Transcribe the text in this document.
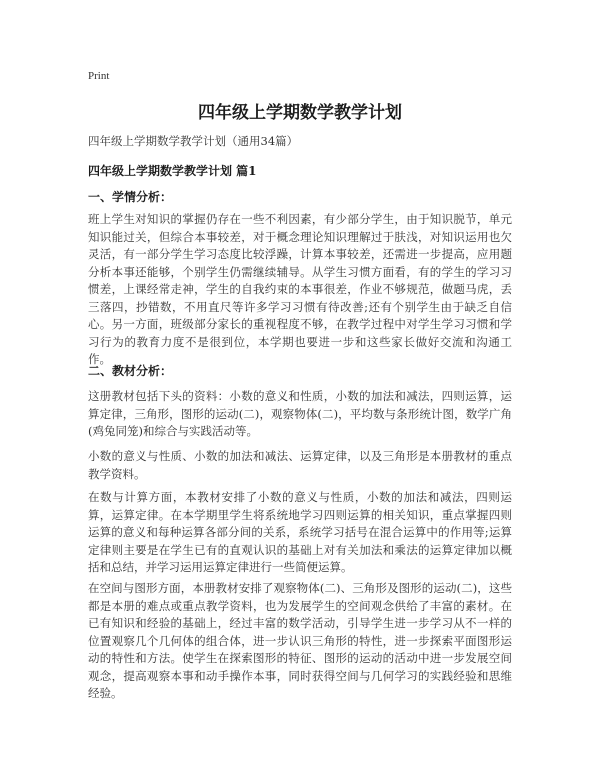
Print
四年级上学期数学教学计划
四年级上学期数学教学计划（通用34篇）
四年级上学期数学教学计划 篇1
一、学情分析：

班上学生对知识的掌握仍存在一些不利因素，有少部分学生，由于知识脱节，单元知识能过关，但综合本事较差，对于概念理论知识理解过于肤浅，对知识运用也欠灵活，有一部分学生学习态度比较浮躁，计算本事较差，还需进一步提高，应用题分析本事还能够，个别学生仍需继续辅导。从学生习惯方面看，有的学生的学习习惯差，上课经常走神，学生的自我约束的本事很差，作业不够规范，做题马虎，丢三落四，抄错数，不用直尺等许多学习习惯有待改善;还有个别学生由于缺乏自信心。另一方面，班级部分家长的重视程度不够，在教学过程中对学生学习习惯和学习行为的教育力度不是很到位，本学期也要进一步和这些家长做好交流和沟通工作。

二、教材分析：

这册教材包括下头的资料：小数的意义和性质，小数的加法和减法，四则运算，运算定律，三角形，图形的运动(二)，观察物体(二)，平均数与条形统计图，数学广角(鸡兔同笼)和综合与实践活动等。

小数的意义与性质、小数的加法和减法、运算定律，以及三角形是本册教材的重点教学资料。

在数与计算方面，本教材安排了小数的意义与性质，小数的加法和减法，四则运算，运算定律。在本学期里学生将系统地学习四则运算的相关知识，重点掌握四则运算的意义和每种运算各部分间的关系，系统学习括号在混合运算中的作用等;运算定律则主要是在学生已有的直观认识的基础上对有关加法和乘法的运算定律加以概括和总结，并学习运用运算定律进行一些简便运算。

在空间与图形方面，本册教材安排了观察物体(二)、三角形及图形的运动(二)，这些都是本册的难点或重点教学资料，也为发展学生的空间观念供给了丰富的素材。在已有知识和经验的基础上，经过丰富的数学活动，引导学生进一步学习从不一样的位置观察几个几何体的组合体，进一步认识三角形的特性，进一步探索平面图形运动的特性和方法。使学生在探索图形的特征、图形的运动的活动中进一步发展空间观念，提高观察本事和动手操作本事，同时获得空间与几何学习的实践经验和思维经验。
